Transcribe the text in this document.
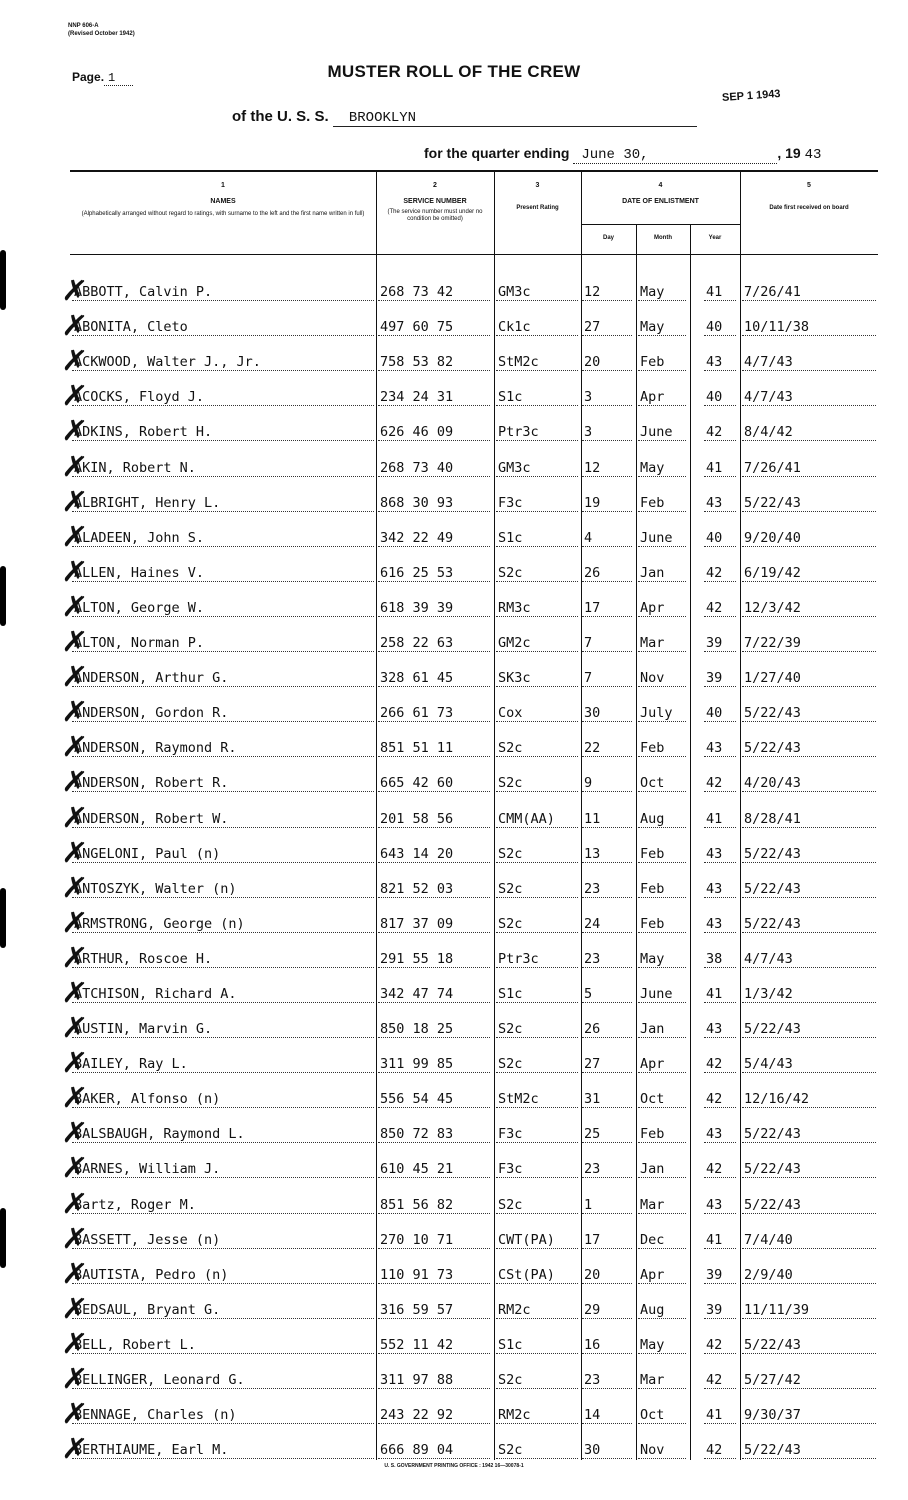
NNP 606-A
(Revised October 1942)
Page. 1	MUSTER ROLL OF THE CREW
SEP 1 1943
of the U. S. S. BROOKLYN
for the quarter ending June 30,	, 19 43
1
NAMES
(Alphabetically arranged without regard to ratings, with surname to the left and the first name written in full)
2
SERVICE NUMBER
(The service number must under no condition be omitted)
3
Present Rating
4
DATE OF ENLISTMENT
Day	Month	Year
5
Date first received on board
✗
ABBOTT, Calvin P.	268 73 42	GM3c	12	May	41 7/26/41
✗
ABONITA, Cleto	497 60 75	Ck1c	27	May	40 10/11/38
✗
ACKWOOD, Walter J., Jr.	758 53 82	StM2c	20	Feb	43 4/7/43
✗
ACOCKS, Floyd J.	234 24 31	S1c	3	Apr	40 4/7/43
✗
ADKINS, Robert H.	626 46 09	Ptr3c	3	June 42 8/4/42
✗
AKIN, Robert N.	268 73 40	GM3c	12	May	41 7/26/41
✗
ALBRIGHT, Henry L.	868 30 93	F3c	19	Feb	43 5/22/43
✗
ALADEEN, John S.	342 22 49	S1c	4	June 40 9/20/40
✗
ALLEN, Haines V.	616 25 53	S2c	26	Jan	42 6/19/42
✗
ALTON, George W.	618 39 39	RM3c	17	Apr	42 12/3/42
✗
ALTON, Norman P.	258 22 63	GM2c	7	Mar	39 7/22/39
✗
ANDERSON, Arthur G.	328 61 45	SK3c	7	Nov	39 1/27/40
✗
ANDERSON, Gordon R.	266 61 73	Cox	30	July 40 5/22/43
✗
ANDERSON, Raymond R.	851 51 11	S2c	22	Feb	43 5/22/43
✗
ANDERSON, Robert R.	665 42 60	S2c	9	Oct	42 4/20/43
✗
ANDERSON, Robert W.	201 58 56	CMM(AA) 11	Aug	41 8/28/41
✗
ANGELONI, Paul (n)	643 14 20	S2c	13	Feb	43 5/22/43
✗
ANTOSZYK, Walter (n)	821 52 03	S2c	23	Feb	43 5/22/43
✗
ARMSTRONG, George (n)	817 37 09	S2c	24	Feb	43 5/22/43
✗
ARTHUR, Roscoe H.	291 55 18	Ptr3c	23	May	38 4/7/43
✗
ATCHISON, Richard A.	342 47 74	S1c	5	June 41 1/3/42
✗
AUSTIN, Marvin G.	850 18 25	S2c	26	Jan	43 5/22/43
✗
BAILEY, Ray L.	311 99 85	S2c	27	Apr	42 5/4/43
✗
BAKER, Alfonso (n)	556 54 45	StM2c	31	Oct	42 12/16/42
✗
BALSBAUGH, Raymond L.	850 72 83	F3c	25	Feb	43 5/22/43
✗
BARNES, William J.	610 45 21	F3c	23	Jan	42 5/22/43
✗
Bartz, Roger M.	851 56 82	S2c	1	Mar	43 5/22/43
✗
BASSETT, Jesse (n)	270 10 71	CWT(PA) 17	Dec	41 7/4/40
✗
BAUTISTA, Pedro (n)	110 91 73	CSt(PA) 20	Apr	39 2/9/40
✗
BEDSAUL, Bryant G.	316 59 57	RM2c	29	Aug	39 11/11/39
✗
BELL, Robert L.	552 11 42	S1c	16	May	42 5/22/43
✗
BELLINGER, Leonard G.	311 97 88	S2c	23	Mar	42 5/27/42
✗
BENNAGE, Charles (n)	243 22 92	RM2c	14	Oct	41 9/30/37
✗
BERTHIAUME, Earl M.	666 89 04	S2c	30	Nov	42 5/22/43
U. S. GOVERNMENT PRINTING OFFICE : 1942 16—30078-1
